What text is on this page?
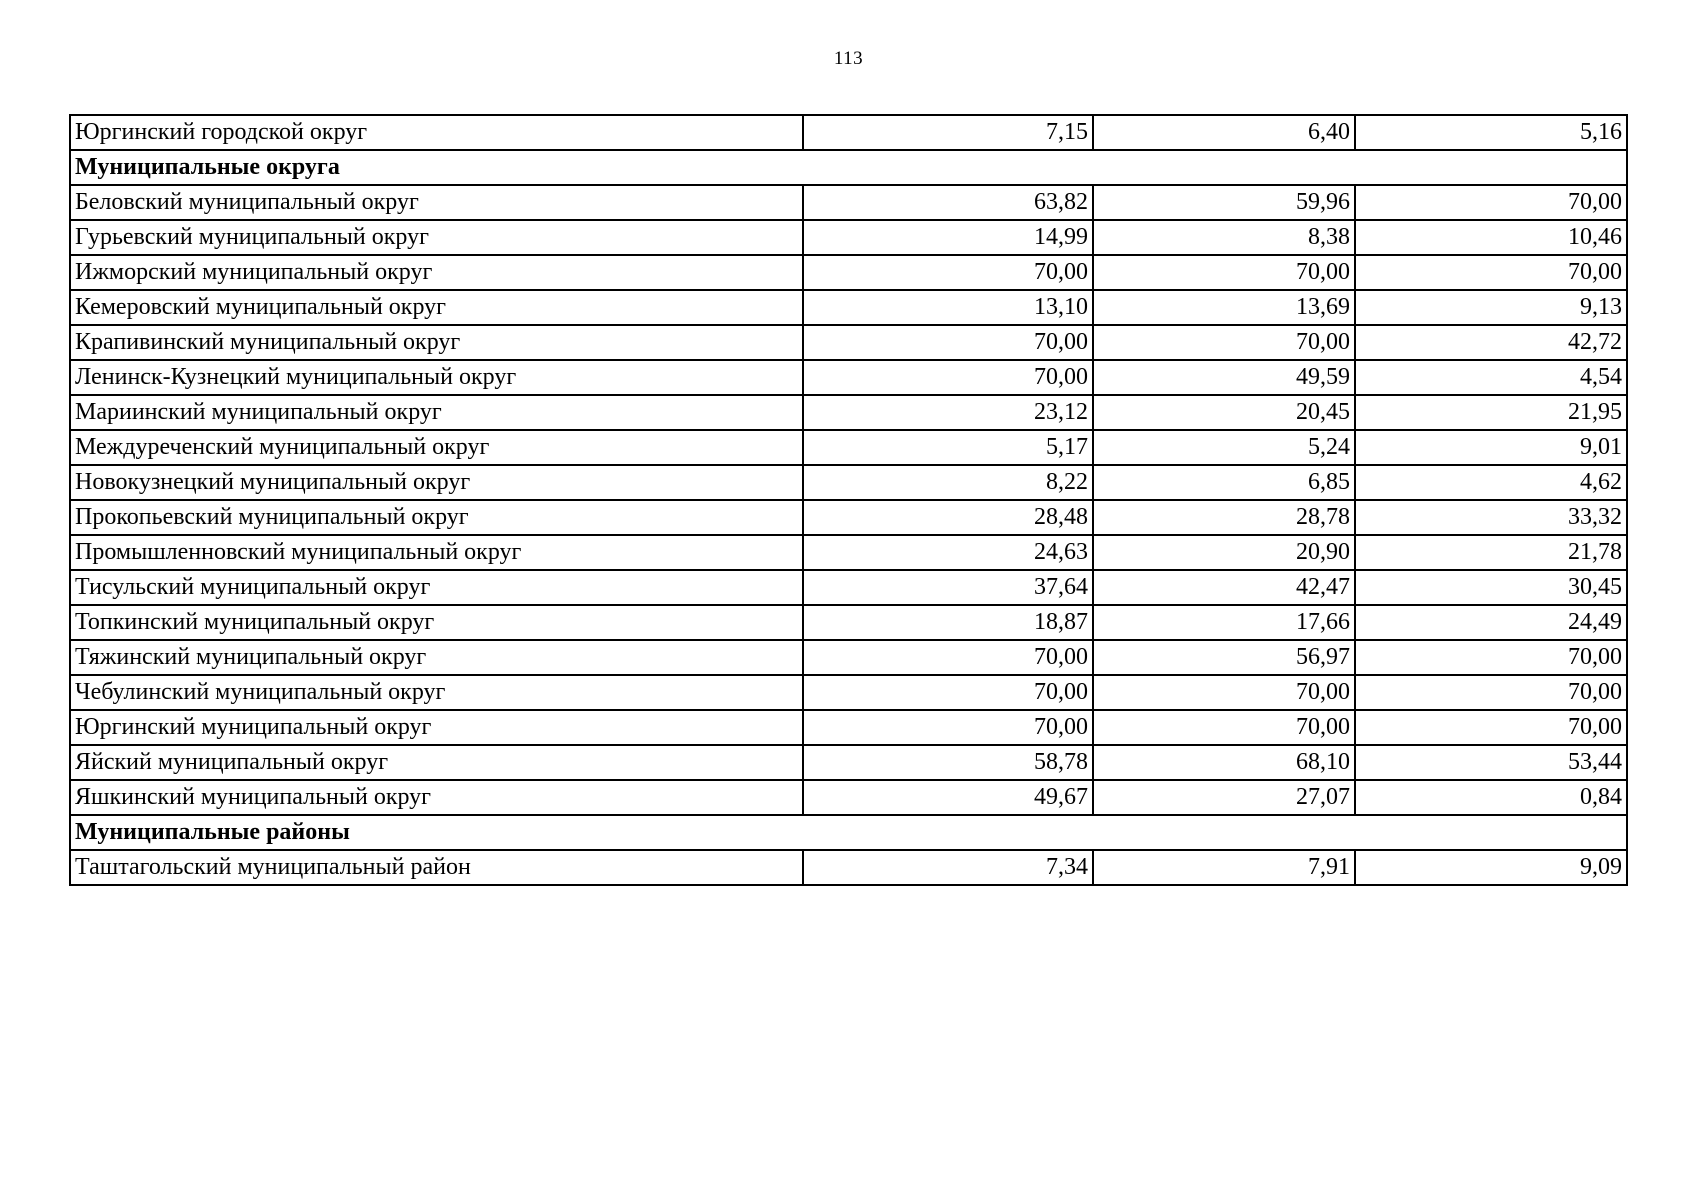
113
Юргинский городской округ	7,15	6,40	5,16
Муниципальные округа			
Беловский муниципальный округ	63,82	59,96	70,00
Гурьевский муниципальный округ	14,99	8,38	10,46
Ижморский муниципальный округ	70,00	70,00	70,00
Кемеровский муниципальный округ	13,10	13,69	9,13
Крапивинский муниципальный округ	70,00	70,00	42,72
Ленинск-Кузнецкий муниципальный округ	70,00	49,59	4,54
Мариинский муниципальный округ	23,12	20,45	21,95
Междуреченский муниципальный округ	5,17	5,24	9,01
Новокузнецкий муниципальный округ	8,22	6,85	4,62
Прокопьевский муниципальный округ	28,48	28,78	33,32
Промышленновский муниципальный округ	24,63	20,90	21,78
Тисульский муниципальный округ	37,64	42,47	30,45
Топкинский муниципальный округ	18,87	17,66	24,49
Тяжинский муниципальный округ	70,00	56,97	70,00
Чебулинский муниципальный округ	70,00	70,00	70,00
Юргинский муниципальный округ	70,00	70,00	70,00
Яйский муниципальный округ	58,78	68,10	53,44
Яшкинский муниципальный округ	49,67	27,07	0,84
Муниципальные районы			
Таштагольский муниципальный район	7,34	7,91	9,09
